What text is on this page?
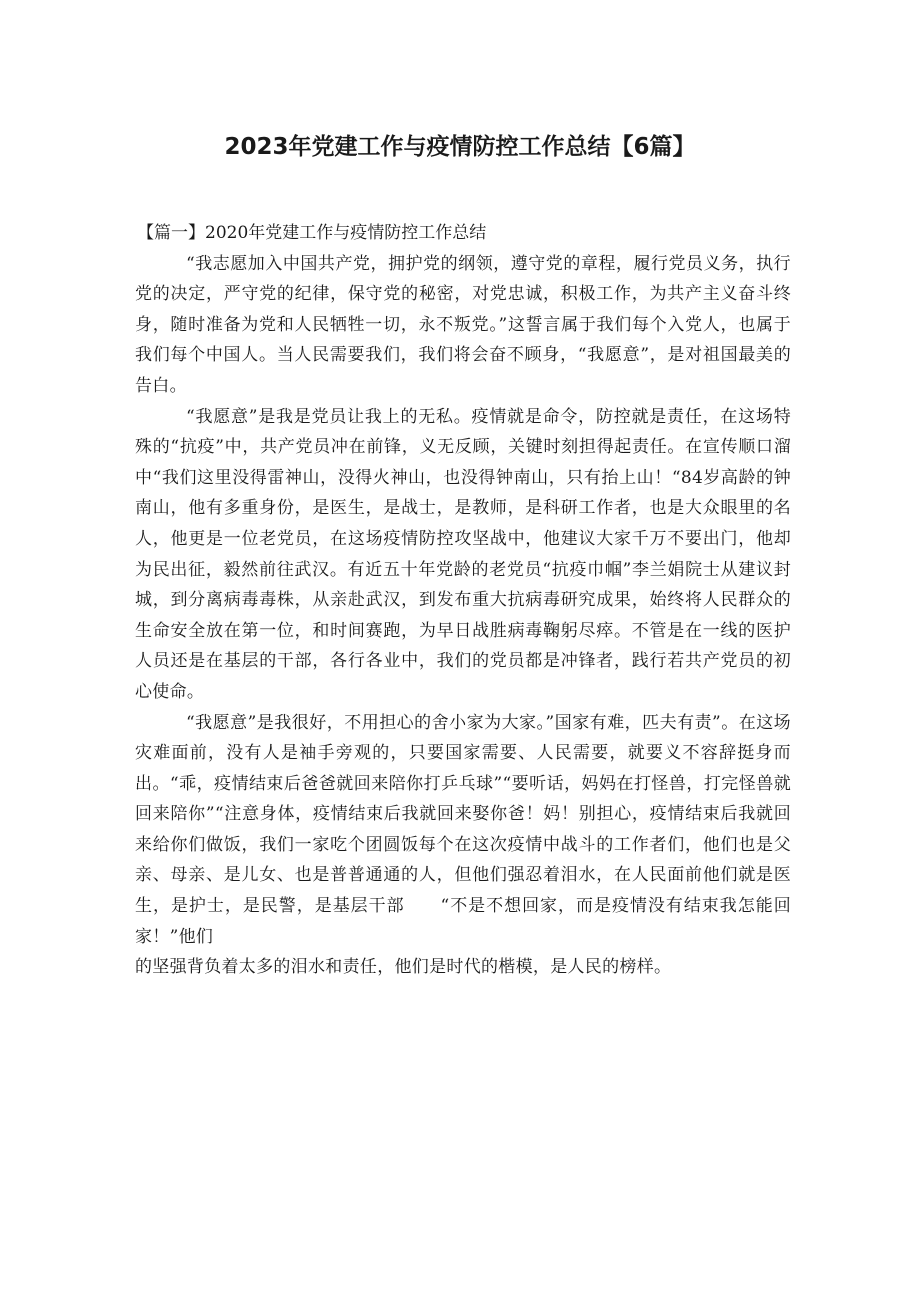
2023年党建工作与疫情防控工作总结【6篇】
【篇一】2020年党建工作与疫情防控工作总结

“我志愿加入中国共产党，拥护党的纲领，遵守党的章程，履行党员义务，执行党的决定，严守党的纪律，保守党的秘密，对党忠诚，积极工作，为共产主义奋斗终身，随时准备为党和人民牺牲一切，永不叛党。”这誓言属于我们每个入党人，也属于我们每个中国人。当人民需要我们，我们将会奋不顾身，“我愿意”，是对祖国最美的告白。

“我愿意”是我是党员让我上的无私。疫情就是命令，防控就是责任，在这场特殊的“抗疫”中，共产党员冲在前锋，义无反顾，关键时刻担得起责任。在宣传顺口溜中“我们这里没得雷神山，没得火神山，也没得钟南山，只有抬上山！“84岁高龄的钟南山，他有多重身份，是医生，是战士，是教师，是科研工作者，也是大众眼里的名人，他更是一位老党员，在这场疫情防控攻坚战中，他建议大家千万不要出门，他却为民出征，毅然前往武汉。有近五十年党龄的老党员“抗疫巾帼”李兰娟院士从建议封城，到分离病毒毒株，从亲赴武汉，到发布重大抗病毒研究成果，始终将人民群众的生命安全放在第一位，和时间赛跑，为早日战胜病毒鞠躬尽瘁。不管是在一线的医护人员还是在基层的干部，各行各业中，我们的党员都是冲锋者，践行若共产党员的初心使命。

“我愿意”是我很好，不用担心的舍小家为大家。”国家有难，匹夫有责”。在这场灾难面前，没有人是袖手旁观的，只要国家需要、人民需要，就要义不容辞挺身而出。“乖，疫情结束后爸爸就回来陪你打乒乓球”“要听话，妈妈在打怪兽，打完怪兽就回来陪你”“注意身体，疫情结束后我就回来娶你爸！妈！别担心，疫情结束后我就回来给你们做饭，我们一家吃个团圆饭每个在这次疫情中战斗的工作者们，他们也是父亲、母亲、是儿女、也是普普通通的人，但他们强忍着泪水，在人民面前他们就是医生，是护士，是民警，是基层干部　　“不是不想回家，而是疫情没有结束我怎能回家！”他们

的坚强背负着太多的泪水和责任，他们是时代的楷模，是人民的榜样。
